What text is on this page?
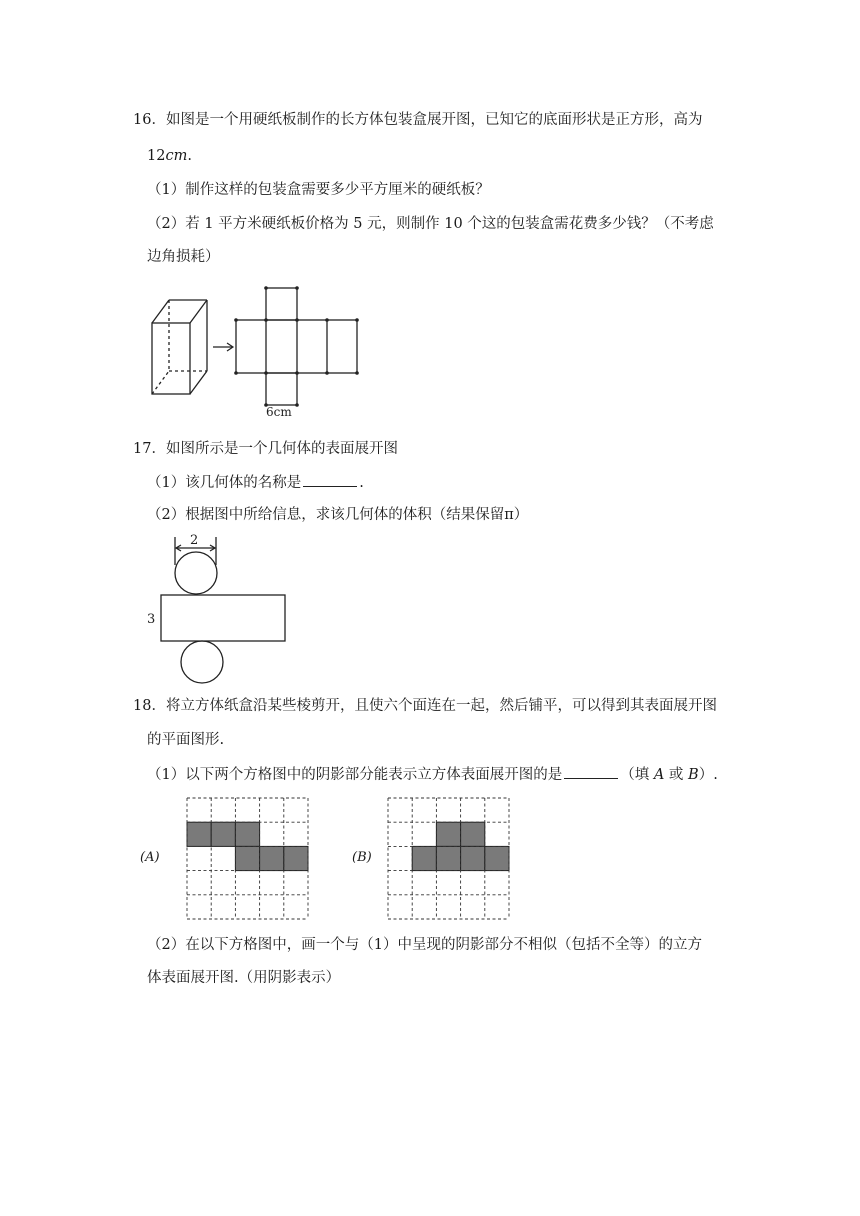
16．如图是一个用硬纸板制作的长方体包装盒展开图，已知它的底面形状是正方形，高为
12cm.
（1）制作这样的包装盒需要多少平方厘米的硬纸板？
（2）若 1 平方米硬纸板价格为 5 元，则制作 10 个这的包装盒需花费多少钱？（不考虑
边角损耗）
6cm
17．如图所示是一个几何体的表面展开图
（1）该几何体的名称是	.
（2）根据图中所给信息，求该几何体的体积（结果保留π）
2
3
18．将立方体纸盒沿某些棱剪开，且使六个面连在一起，然后铺平，可以得到其表面展开图
的平面图形.
（1）以下两个方格图中的阴影部分能表示立方体表面展开图的是	（填 A 或 B）.
(A)	(B)
（2）在以下方格图中，画一个与（1）中呈现的阴影部分不相似（包括不全等）的立方
体表面展开图.（用阴影表示）
